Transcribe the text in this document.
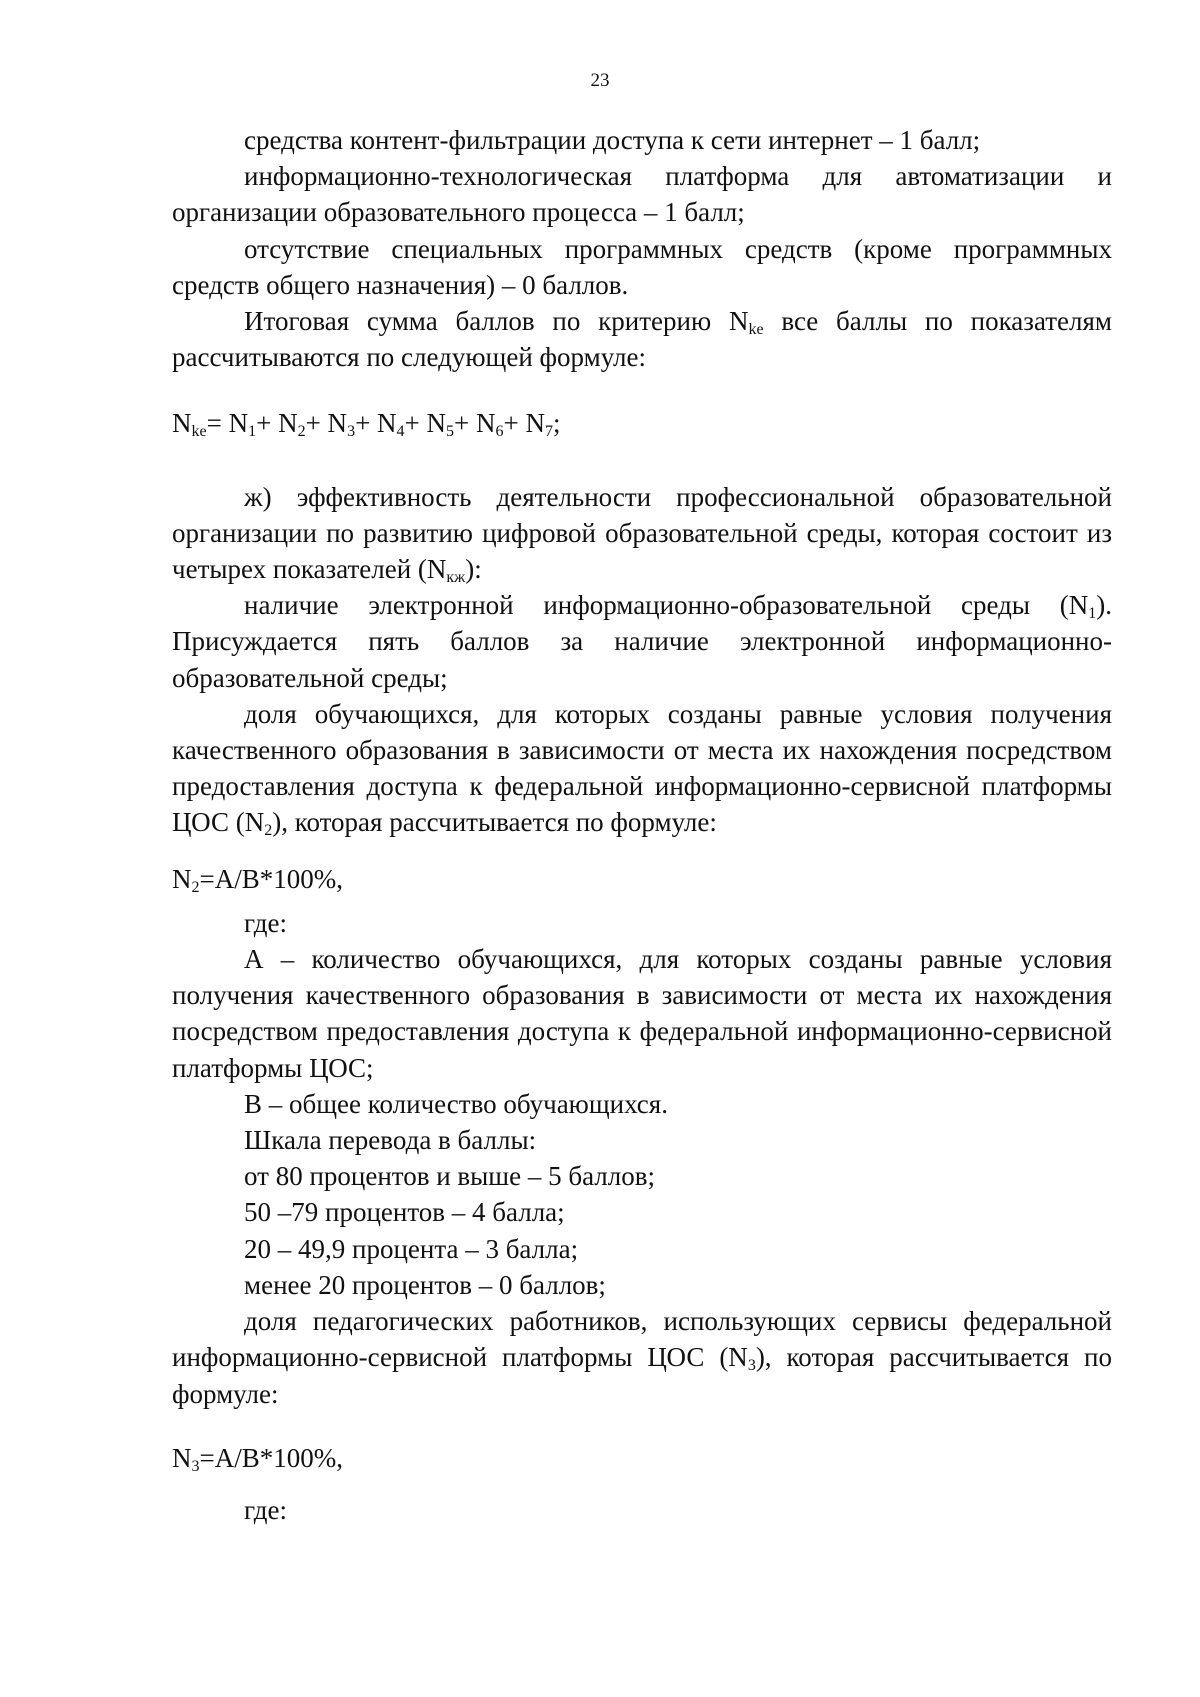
23

средства контент-фильтрации доступа к сети интернет – 1 балл;

информационно-технологическая платформа для автоматизации и организации образовательного процесса – 1 балл;

отсутствие специальных программных средств (кроме программных средств общего назначения) – 0 баллов.

Итоговая сумма баллов по критерию $N_{ke}$ все баллы по показателям рассчитываются по следующей формуле:

$N_{ke}= N_1+ N_2+ N_3+ N_4+ N_5+ N_6+ N_7$;

ж) эффективность деятельности профессиональной образовательной организации по развитию цифровой образовательной среды, которая состоит из четырех показателей $(N_{кж})$:

наличие электронной информационно-образовательной среды $(N_1)$. Присуждается пять баллов за наличие электронной информационно-образовательной среды;

доля обучающихся, для которых созданы равные условия получения качественного образования в зависимости от места их нахождения посредством предоставления доступа к федеральной информационно-сервисной платформы ЦОС $(N_2)$, которая рассчитывается по формуле:

$N_2=A/B*100\%$,

где:

А – количество обучающихся, для которых созданы равные условия получения качественного образования в зависимости от места их нахождения посредством предоставления доступа к федеральной информационно-сервисной платформы ЦОС;

В – общее количество обучающихся.

Шкала перевода в баллы:

от 80 процентов и выше – 5 баллов;

50 –79 процентов – 4 балла;

20 – 49,9 процента – 3 балла;

менее 20 процентов – 0 баллов;

доля педагогических работников, использующих сервисы федеральной информационно-сервисной платформы ЦОС $(N_3)$, которая рассчитывается по формуле:

$N_3=A/B*100\%$,

где:
